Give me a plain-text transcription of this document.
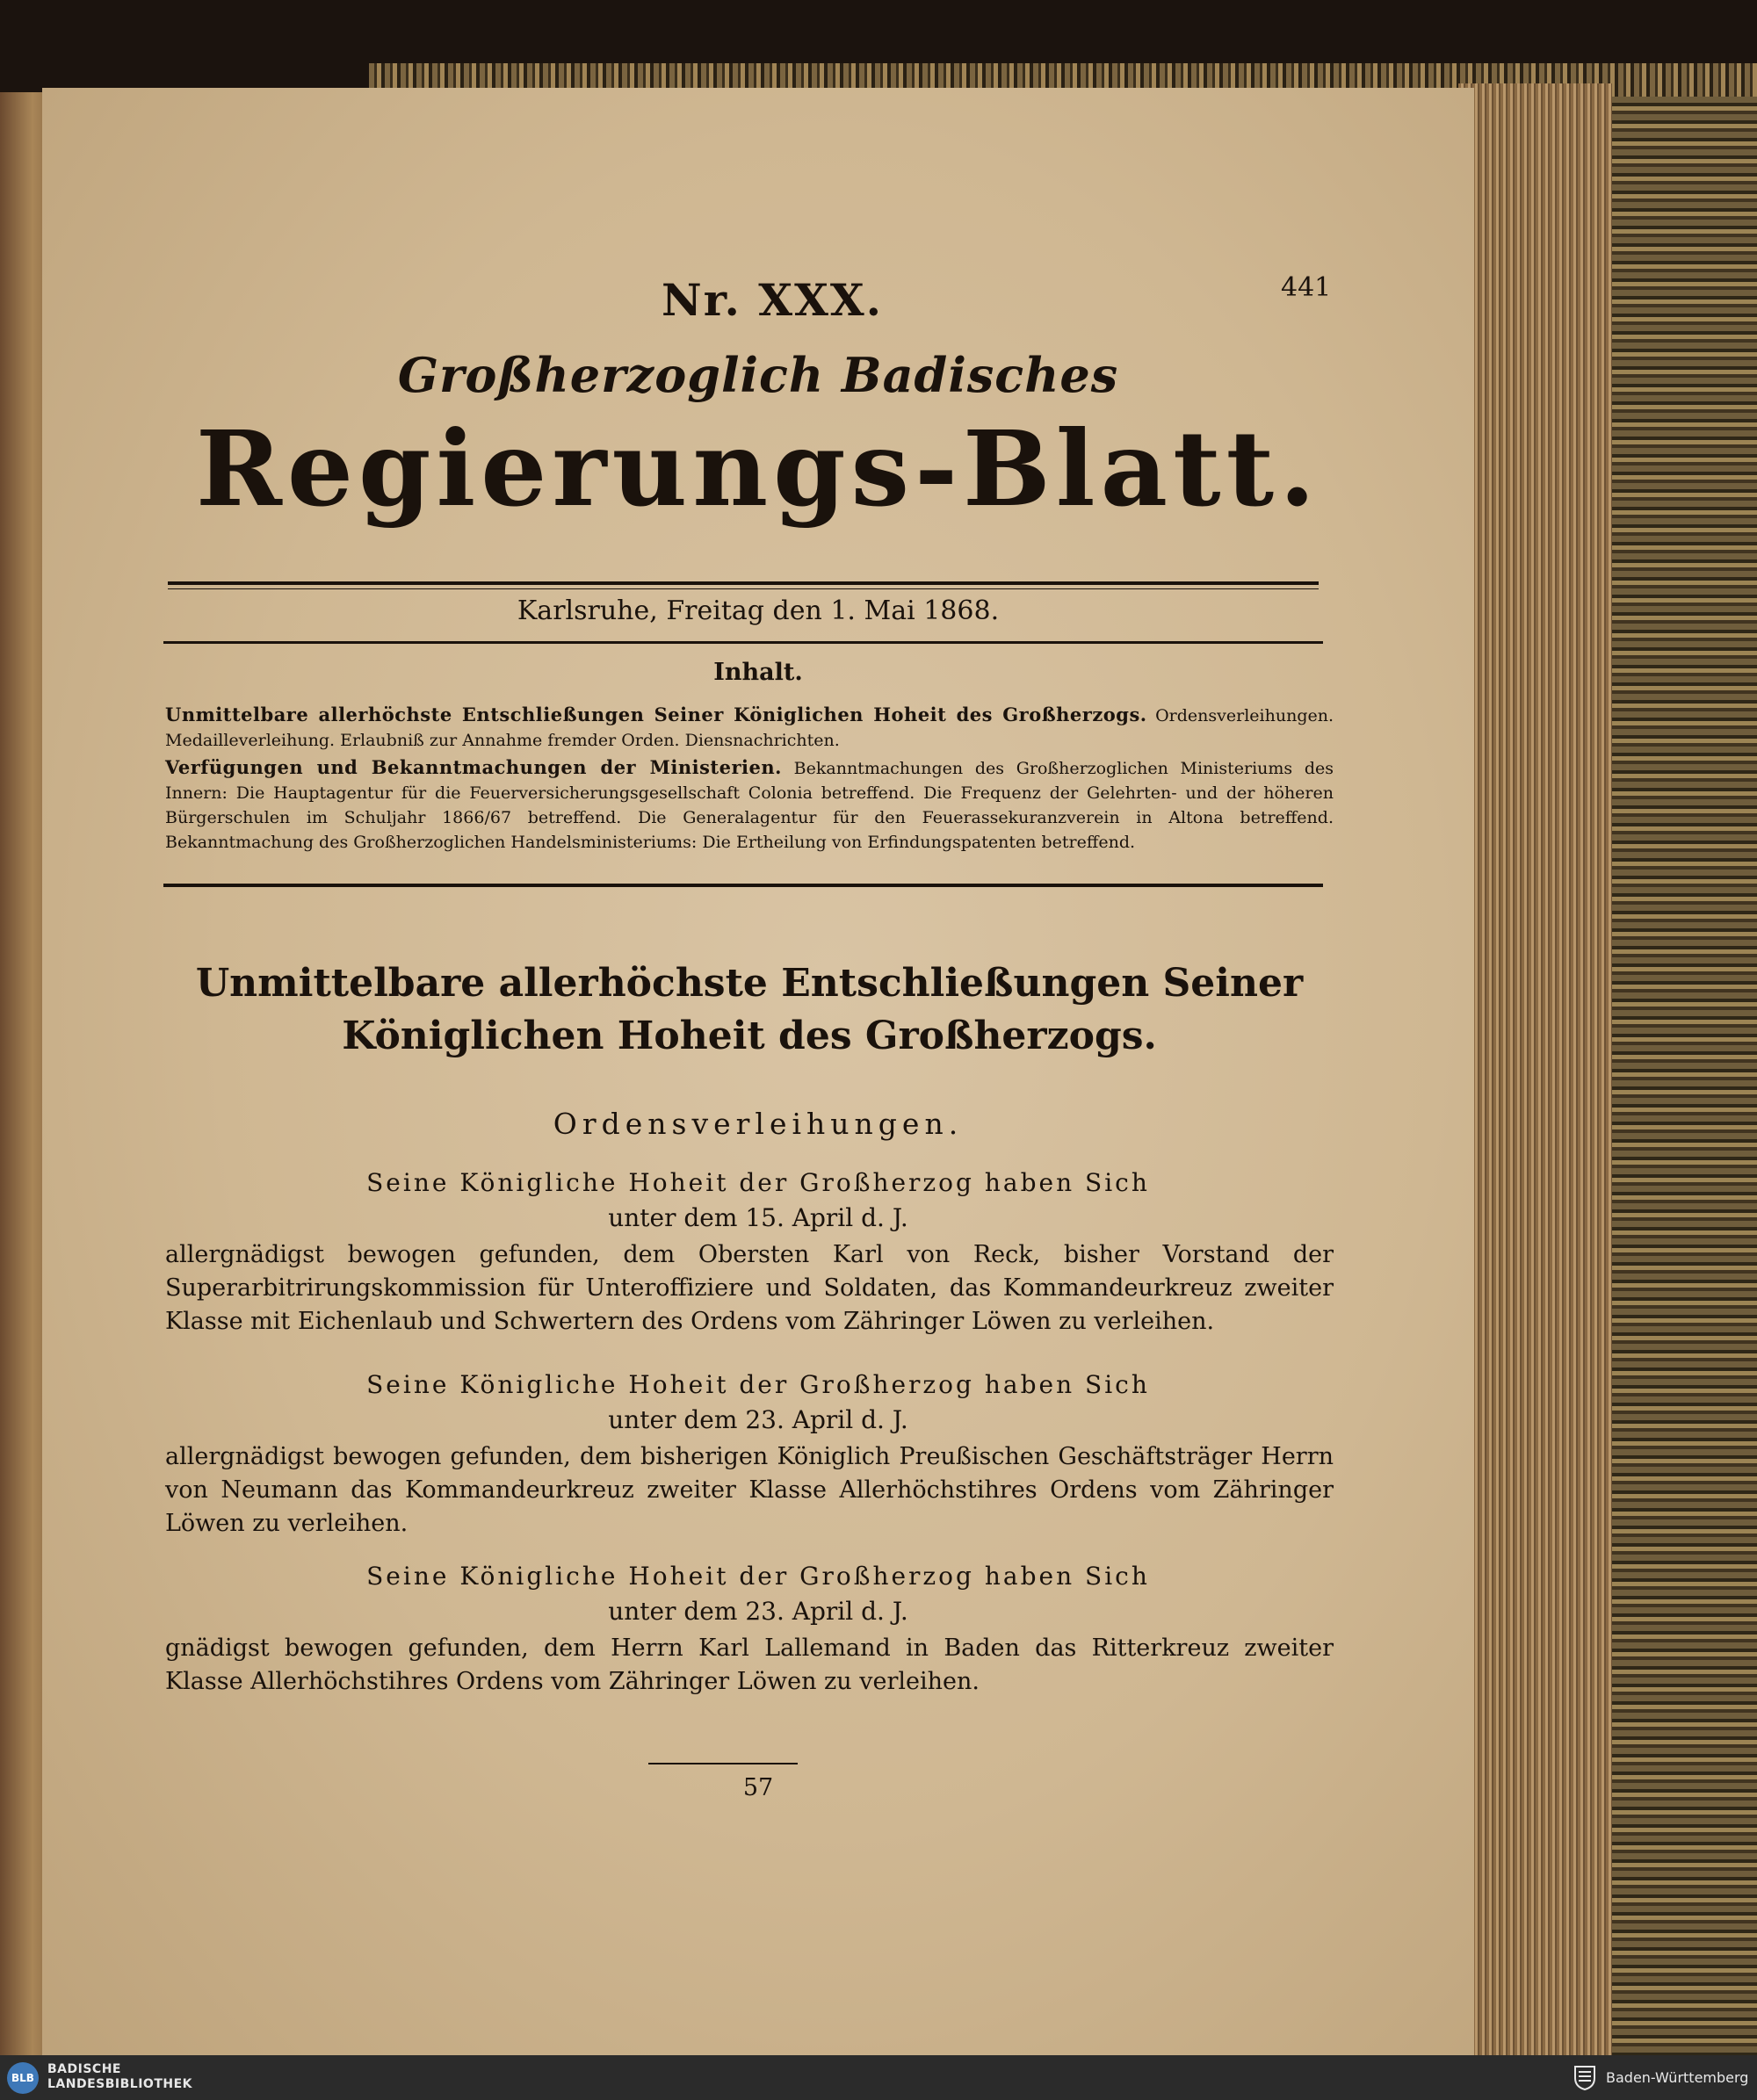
Nr. XXX.	441
Großherzoglich Badisches
Regierungs-Blatt.
Karlsruhe, Freitag den 1. Mai 1868.
Inhalt.
Unmittelbare allerhöchste Entschließungen Seiner Königlichen Hoheit des Großherzogs. Ordensverleihungen. Medailleverleihung. Erlaubniß zur Annahme fremder Orden. Diensnachrichten.
Verfügungen und Bekanntmachungen der Ministerien. Bekanntmachungen des Großherzoglichen Ministeriums des Innern: Die Hauptagentur für die Feuerversicherungsgesellschaft Colonia betreffend. Die Frequenz der Gelehrten- und der höheren Bürgerschulen im Schuljahr 1866/67 betreffend. Die Generalagentur für den Feuerassekuranzverein in Altona betreffend. Bekanntmachung des Großherzoglichen Handelsministeriums: Die Ertheilung von Erfindungspatenten betreffend.
Unmittelbare allerhöchste Entschließungen Seiner Königlichen Hoheit des Großherzogs.
Ordensverleihungen.
Seine Königliche Hoheit der Großherzog haben Sich
unter dem 15. April d. J.
allergnädigst bewogen gefunden, dem Obersten Karl von Reck, bisher Vorstand der Superarbitrirungskommission für Unteroffiziere und Soldaten, das Kommandeurkreuz zweiter Klasse mit Eichenlaub und Schwertern des Ordens vom Zähringer Löwen zu verleihen.
Seine Königliche Hoheit der Großherzog haben Sich
unter dem 23. April d. J.
allergnädigst bewogen gefunden, dem bisherigen Königlich Preußischen Geschäftsträger Herrn von Neumann das Kommandeurkreuz zweiter Klasse Allerhöchstihres Ordens vom Zähringer Löwen zu verleihen.
Seine Königliche Hoheit der Großherzog haben Sich
unter dem 23. April d. J.
gnädigst bewogen gefunden, dem Herrn Karl Lallemand in Baden das Ritterkreuz zweiter Klasse Allerhöchstihres Ordens vom Zähringer Löwen zu verleihen.
57
BLB
BADISCHE
LANDESBIBLIOTHEK	Baden-Württemberg
